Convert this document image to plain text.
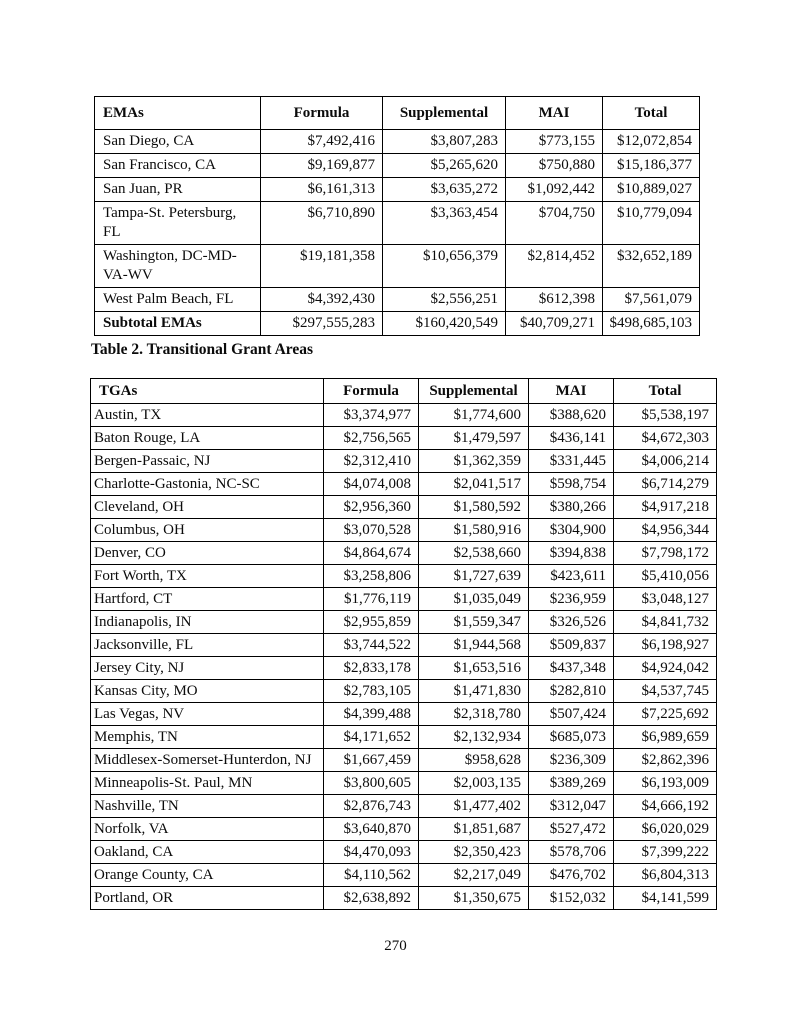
EMAs	Formula	Supplemental	MAI	Total
San Diego, CA	$7,492,416	$3,807,283	$773,155	$12,072,854
San Francisco, CA	$9,169,877	$5,265,620	$750,880	$15,186,377
San Juan, PR	$6,161,313	$3,635,272	$1,092,442	$10,889,027
Tampa-St. Petersburg, FL	$6,710,890	$3,363,454	$704,750	$10,779,094
Washington, DC-MD-VA-WV	$19,181,358	$10,656,379	$2,814,452	$32,652,189
West Palm Beach, FL	$4,392,430	$2,556,251	$612,398	$7,561,079
Subtotal EMAs	$297,555,283	$160,420,549	$40,709,271	$498,685,103
Table 2. Transitional Grant Areas
TGAs	Formula	Supplemental	MAI	Total
Austin, TX	$3,374,977	$1,774,600	$388,620	$5,538,197
Baton Rouge, LA	$2,756,565	$1,479,597	$436,141	$4,672,303
Bergen-Passaic, NJ	$2,312,410	$1,362,359	$331,445	$4,006,214
Charlotte-Gastonia, NC-SC	$4,074,008	$2,041,517	$598,754	$6,714,279
Cleveland, OH	$2,956,360	$1,580,592	$380,266	$4,917,218
Columbus, OH	$3,070,528	$1,580,916	$304,900	$4,956,344
Denver, CO	$4,864,674	$2,538,660	$394,838	$7,798,172
Fort Worth, TX	$3,258,806	$1,727,639	$423,611	$5,410,056
Hartford, CT	$1,776,119	$1,035,049	$236,959	$3,048,127
Indianapolis, IN	$2,955,859	$1,559,347	$326,526	$4,841,732
Jacksonville, FL	$3,744,522	$1,944,568	$509,837	$6,198,927
Jersey City, NJ	$2,833,178	$1,653,516	$437,348	$4,924,042
Kansas City, MO	$2,783,105	$1,471,830	$282,810	$4,537,745
Las Vegas, NV	$4,399,488	$2,318,780	$507,424	$7,225,692
Memphis, TN	$4,171,652	$2,132,934	$685,073	$6,989,659
Middlesex-Somerset-Hunterdon, NJ	$1,667,459	$958,628	$236,309	$2,862,396
Minneapolis-St. Paul, MN	$3,800,605	$2,003,135	$389,269	$6,193,009
Nashville, TN	$2,876,743	$1,477,402	$312,047	$4,666,192
Norfolk, VA	$3,640,870	$1,851,687	$527,472	$6,020,029
Oakland, CA	$4,470,093	$2,350,423	$578,706	$7,399,222
Orange County, CA	$4,110,562	$2,217,049	$476,702	$6,804,313
Portland, OR	$2,638,892	$1,350,675	$152,032	$4,141,599
270
